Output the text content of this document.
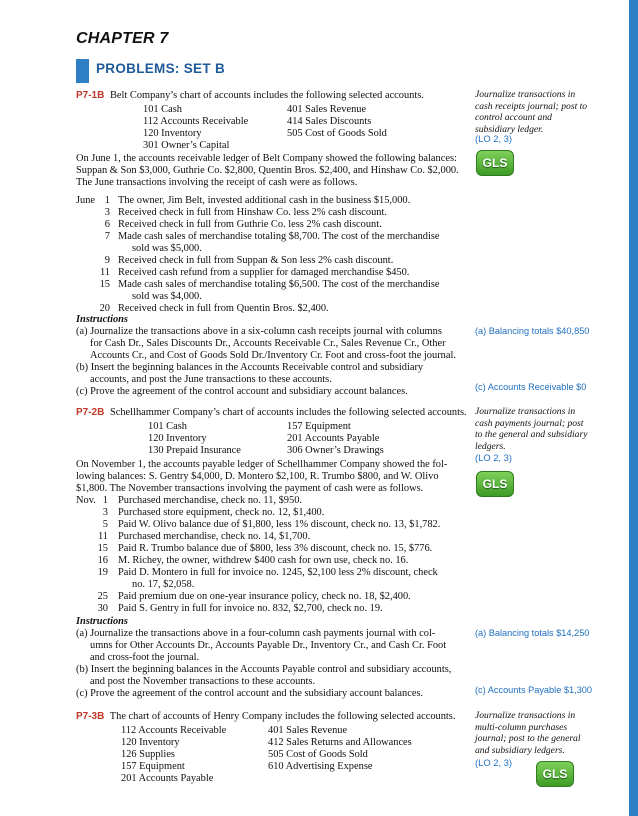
CHAPTER 7
PROBLEMS: SET B
P7-1B Belt Company’s chart of accounts includes the following selected accounts.
101 Cash
112 Accounts Receivable
120 Inventory
301 Owner’s Capital
401 Sales Revenue
414 Sales Discounts
505 Cost of Goods Sold
On June 1, the accounts receivable ledger of Belt Company showed the following balances:
Suppan & Son $3,000, Guthrie Co. $2,800, Quentin Bros. $2,400, and Hinshaw Co. $2,000.
The June transactions involving the receipt of cash were as follows.
June 1
3
6
7
9
11
15
20
The owner, Jim Belt, invested additional cash in the business $15,000.
Received check in full from Hinshaw Co. less 2% cash discount.
Received check in full from Guthrie Co. less 2% cash discount.
Made cash sales of merchandise totaling $8,700. The cost of the merchandise
sold was $5,000.
Received check in full from Suppan & Son less 2% cash discount.
Received cash refund from a supplier for damaged merchandise $450.
Made cash sales of merchandise totaling $6,500. The cost of the merchandise
sold was $4,000.
Received check in full from Quentin Bros. $2,400.
Instructions
(a) Journalize the transactions above in a six-column cash receipts journal with columns
for Cash Dr., Sales Discounts Dr., Accounts Receivable Cr., Sales Revenue Cr., Other
Accounts Cr., and Cost of Goods Sold Dr./Inventory Cr. Foot and cross-foot the journal.
(b) Insert the beginning balances in the Accounts Receivable control and subsidiary
accounts, and post the June transactions to these accounts.
(c) Prove the agreement of the control account and subsidiary account balances.
Journalize transactions in
cash receipts journal; post to
control account and
subsidiary ledger.
(LO 2, 3)
GLS
(a) Balancing totals $40,850
(c) Accounts Receivable $0
P7-2B Schellhammer Company’s chart of accounts includes the following selected accounts.
101 Cash
120 Inventory
130 Prepaid Insurance
157 Equipment
201 Accounts Payable
306 Owner’s Drawings
On November 1, the accounts payable ledger of Schellhammer Company showed the fol-
lowing balances: S. Gentry $4,000, D. Montero $2,100, R. Trumbo $800, and W. Olivo
$1,800. The November transactions involving the payment of cash were as follows.
Nov. 1
3
5
11
15
16
19
25
30
Purchased merchandise, check no. 11, $950.
Purchased store equipment, check no. 12, $1,400.
Paid W. Olivo balance due of $1,800, less 1% discount, check no. 13, $1,782.
Purchased merchandise, check no. 14, $1,700.
Paid R. Trumbo balance due of $800, less 3% discount, check no. 15, $776.
M. Richey, the owner, withdrew $400 cash for own use, check no. 16.
Paid D. Montero in full for invoice no. 1245, $2,100 less 2% discount, check
no. 17, $2,058.
Paid premium due on one-year insurance policy, check no. 18, $2,400.
Paid S. Gentry in full for invoice no. 832, $2,700, check no. 19.
Instructions
(a) Journalize the transactions above in a four-column cash payments journal with col-
umns for Other Accounts Dr., Accounts Payable Dr., Inventory Cr., and Cash Cr. Foot
and cross-foot the journal.
(b) Insert the beginning balances in the Accounts Payable control and subsidiary accounts,
and post the November transactions to these accounts.
(c) Prove the agreement of the control account and the subsidiary account balances.
Journalize transactions in
cash payments journal; post
to the general and subsidiary
ledgers.
(LO 2, 3)
GLS
(a) Balancing totals $14,250
(c) Accounts Payable $1,300
P7-3B The chart of accounts of Henry Company includes the following selected accounts.
112 Accounts Receivable
120 Inventory
126 Supplies
157 Equipment
201 Accounts Payable
401 Sales Revenue
412 Sales Returns and Allowances
505 Cost of Goods Sold
610 Advertising Expense
Journalize transactions in
multi-column purchases
journal; post to the general
and subsidiary ledgers.
(LO 2, 3)
GLS
